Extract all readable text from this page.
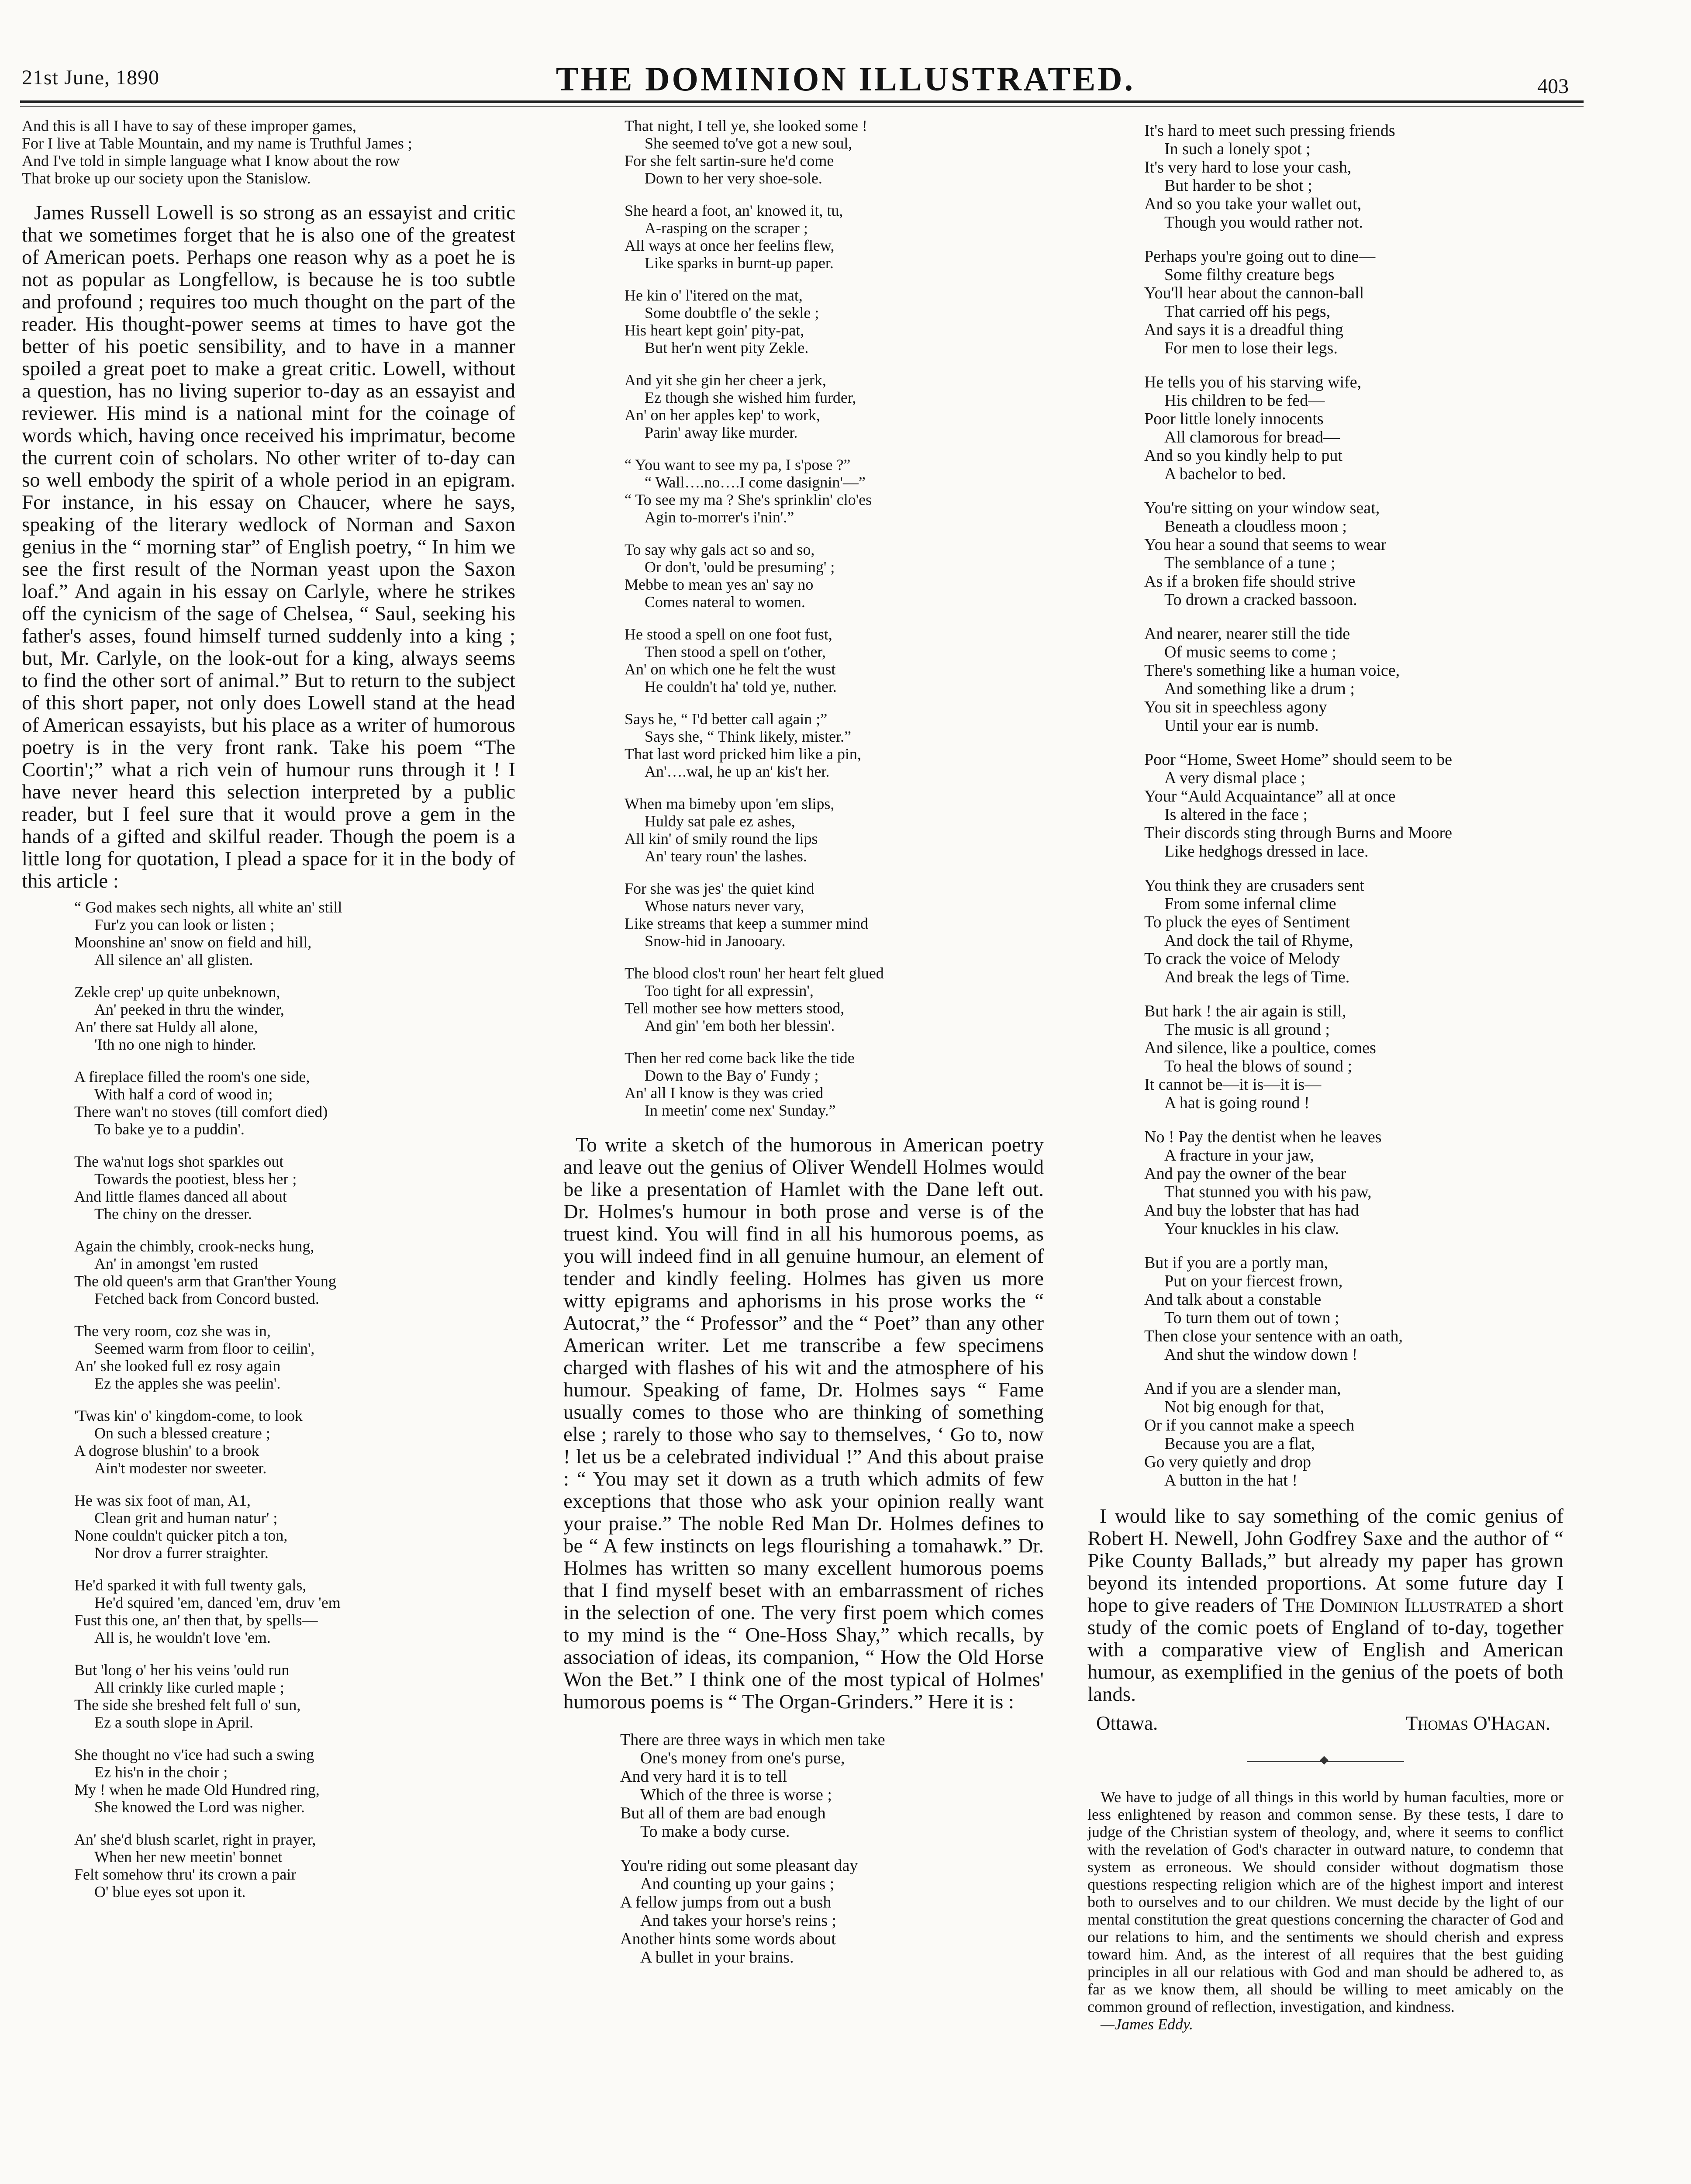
21st June, 1890	THE DOMINION ILLUSTRATED.	403
And this is all I have to say of these improper games,
For I live at Table Mountain, and my name is Truthful James ;
And I've told in simple language what I know about the row
That broke up our society upon the Stanislow.

James Russell Lowell is so strong as an essayist and critic that we sometimes forget that he is also one of the greatest of American poets. Perhaps one reason why as a poet he is not as popular as Longfellow, is because he is too subtle and profound ; requires too much thought on the part of the reader. His thought-power seems at times to have got the better of his poetic sensibility, and to have in a manner spoiled a great poet to make a great critic. Lowell, without a question, has no living superior to-day as an essayist and reviewer. His mind is a national mint for the coinage of words which, having once received his imprimatur, become the current coin of scholars. No other writer of to-day can so well embody the spirit of a whole period in an epigram. For instance, in his essay on Chaucer, where he says, speaking of the literary wedlock of Norman and Saxon genius in the “ morning star” of English poetry, “ In him we see the first result of the Norman yeast upon the Saxon loaf.” And again in his essay on Carlyle, where he strikes off the cynicism of the sage of Chelsea, “ Saul, seeking his father's asses, found himself turned suddenly into a king ; but, Mr. Carlyle, on the look-out for a king, always seems to find the other sort of animal.” But to return to the subject of this short paper, not only does Lowell stand at the head of American essayists, but his place as a writer of humorous poetry is in the very front rank. Take his poem “The Coortin';” what a rich vein of humour runs through it ! I have never heard this selection interpreted by a public reader, but I feel sure that it would prove a gem in the hands of a gifted and skilful reader. Though the poem is a little long for quotation, I plead a space for it in the body of this article :

“ God makes sech nights, all white an' still
Fur'z you can look or listen ;
Moonshine an' snow on field and hill,
All silence an' all glisten.
Zekle crep' up quite unbeknown,
An' peeked in thru the winder,
An' there sat Huldy all alone,
'Ith no one nigh to hinder.
A fireplace filled the room's one side,
With half a cord of wood in;
There wan't no stoves (till comfort died)
To bake ye to a puddin'.
The wa'nut logs shot sparkles out
Towards the pootiest, bless her ;
And little flames danced all about
The chiny on the dresser.
Again the chimbly, crook-necks hung,
An' in amongst 'em rusted
The old queen's arm that Gran'ther Young
Fetched back from Concord busted.
The very room, coz she was in,
Seemed warm from floor to ceilin',
An' she looked full ez rosy again
Ez the apples she was peelin'.
'Twas kin' o' kingdom-come, to look
On such a blessed creature ;
A dogrose blushin' to a brook
Ain't modester nor sweeter.
He was six foot of man, A1,
Clean grit and human natur' ;
None couldn't quicker pitch a ton,
Nor drov a furrer straighter.
He'd sparked it with full twenty gals,
He'd squired 'em, danced 'em, druv 'em
Fust this one, an' then that, by spells—
All is, he wouldn't love 'em.
But 'long o' her his veins 'ould run
All crinkly like curled maple ;
The side she breshed felt full o' sun,
Ez a south slope in April.
She thought no v'ice had such a swing
Ez his'n in the choir ;
My ! when he made Old Hundred ring,
She knowed the Lord was nigher.
An' she'd blush scarlet, right in prayer,
When her new meetin' bonnet
Felt somehow thru' its crown a pair
O' blue eyes sot upon it.
That night, I tell ye, she looked some !
She seemed to've got a new soul,
For she felt sartin-sure he'd come
Down to her very shoe-sole.
She heard a foot, an' knowed it, tu,
A-rasping on the scraper ;
All ways at once her feelins flew,
Like sparks in burnt-up paper.
He kin o' l'itered on the mat,
Some doubtfle o' the sekle ;
His heart kept goin' pity-pat,
But her'n went pity Zekle.
And yit she gin her cheer a jerk,
Ez though she wished him furder,
An' on her apples kep' to work,
Parin' away like murder.
“ You want to see my pa, I s'pose ?”
“ Wall….no….I come dasignin'—”
“ To see my ma ? She's sprinklin' clo'es
Agin to-morrer's i'nin'.”
To say why gals act so and so,
Or don't, 'ould be presuming' ;
Mebbe to mean yes an' say no
Comes nateral to women.
He stood a spell on one foot fust,
Then stood a spell on t'other,
An' on which one he felt the wust
He couldn't ha' told ye, nuther.
Says he, “ I'd better call again ;”
Says she, “ Think likely, mister.”
That last word pricked him like a pin,
An'….wal, he up an' kis't her.
When ma bimeby upon 'em slips,
Huldy sat pale ez ashes,
All kin' of smily round the lips
An' teary roun' the lashes.
For she was jes' the quiet kind
Whose naturs never vary,
Like streams that keep a summer mind
Snow-hid in Janooary.
The blood clos't roun' her heart felt glued
Too tight for all expressin',
Tell mother see how metters stood,
And gin' 'em both her blessin'.
Then her red come back like the tide
Down to the Bay o' Fundy ;
An' all I know is they was cried
In meetin' come nex' Sunday.”

To write a sketch of the humorous in American poetry and leave out the genius of Oliver Wendell Holmes would be like a presentation of Hamlet with the Dane left out. Dr. Holmes's humour in both prose and verse is of the truest kind. You will find in all his humorous poems, as you will indeed find in all genuine humour, an element of tender and kindly feeling. Holmes has given us more witty epigrams and aphorisms in his prose works the “ Autocrat,” the “ Professor” and the “ Poet” than any other American writer. Let me transcribe a few specimens charged with flashes of his wit and the atmosphere of his humour. Speaking of fame, Dr. Holmes says “ Fame usually comes to those who are thinking of something else ; rarely to those who say to themselves, ‘ Go to, now ! let us be a celebrated individual !” And this about praise : “ You may set it down as a truth which admits of few exceptions that those who ask your opinion really want your praise.” The noble Red Man Dr. Holmes defines to be “ A few instincts on legs flourishing a tomahawk.” Dr. Holmes has written so many excellent humorous poems that I find myself beset with an embarrassment of riches in the selection of one. The very first poem which comes to my mind is the “ One-Hoss Shay,” which recalls, by association of ideas, its companion, “ How the Old Horse Won the Bet.” I think one of the most typical of Holmes' humorous poems is “ The Organ-Grinders.” Here it is :

There are three ways in which men take
One's money from one's purse,
And very hard it is to tell
Which of the three is worse ;
But all of them are bad enough
To make a body curse.
You're riding out some pleasant day
And counting up your gains ;
A fellow jumps from out a bush
And takes your horse's reins ;
Another hints some words about
A bullet in your brains.
It's hard to meet such pressing friends
In such a lonely spot ;
It's very hard to lose your cash,
But harder to be shot ;
And so you take your wallet out,
Though you would rather not.
Perhaps you're going out to dine—
Some filthy creature begs
You'll hear about the cannon-ball
That carried off his pegs,
And says it is a dreadful thing
For men to lose their legs.
He tells you of his starving wife,
His children to be fed—
Poor little lonely innocents
All clamorous for bread—
And so you kindly help to put
A bachelor to bed.
You're sitting on your window seat,
Beneath a cloudless moon ;
You hear a sound that seems to wear
The semblance of a tune ;
As if a broken fife should strive
To drown a cracked bassoon.
And nearer, nearer still the tide
Of music seems to come ;
There's something like a human voice,
And something like a drum ;
You sit in speechless agony
Until your ear is numb.
Poor “Home, Sweet Home” should seem to be
A very dismal place ;
Your “Auld Acquaintance” all at once
Is altered in the face ;
Their discords sting through Burns and Moore
Like hedghogs dressed in lace.
You think they are crusaders sent
From some infernal clime
To pluck the eyes of Sentiment
And dock the tail of Rhyme,
To crack the voice of Melody
And break the legs of Time.
But hark ! the air again is still,
The music is all ground ;
And silence, like a poultice, comes
To heal the blows of sound ;
It cannot be—it is—it is—
A hat is going round !
No ! Pay the dentist when he leaves
A fracture in your jaw,
And pay the owner of the bear
That stunned you with his paw,
And buy the lobster that has had
Your knuckles in his claw.
But if you are a portly man,
Put on your fiercest frown,
And talk about a constable
To turn them out of town ;
Then close your sentence with an oath,
And shut the window down !
And if you are a slender man,
Not big enough for that,
Or if you cannot make a speech
Because you are a flat,
Go very quietly and drop
A button in the hat !

I would like to say something of the comic genius of Robert H. Newell, John Godfrey Saxe and the author of “ Pike County Ballads,” but already my paper has grown beyond its intended proportions. At some future day I hope to give readers of The Dominion Illustrated a short study of the comic poets of England of to-day, together with a comparative view of English and American humour, as exemplified in the genius of the poets of both lands.

Ottawa.	Thomas O'Hagan.

We have to judge of all things in this world by human faculties, more or less enlightened by reason and common sense. By these tests, I dare to judge of the Christian system of theology, and, where it seems to conflict with the revelation of God's character in outward nature, to condemn that system as erroneous. We should consider without dogmatism those questions respecting religion which are of the highest import and interest both to ourselves and to our children. We must decide by the light of our mental constitution the great questions concerning the character of God and our relations to him, and the sentiments we should cherish and express toward him. And, as the interest of all requires that the best guiding principles in all our relatious with God and man should be adhered to, as far as we know them, all should be willing to meet amicably on the common ground of reflection, investigation, and kindness.

—James Eddy.
